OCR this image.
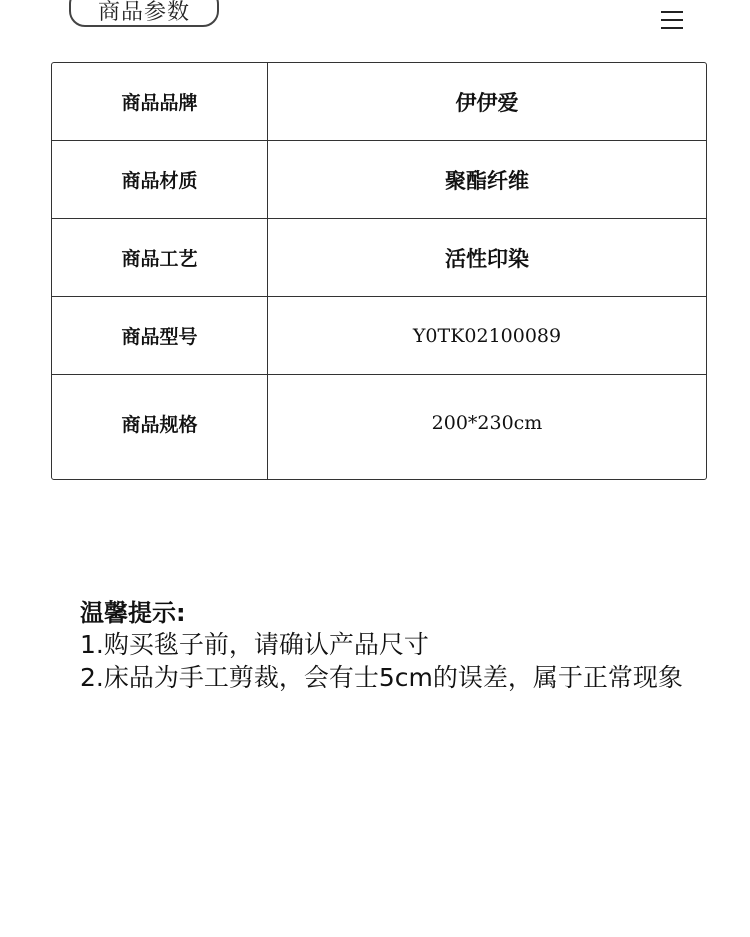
商品参数
商品品牌	伊伊爱
商品材质	聚酯纤维
商品工艺	活性印染
商品型号	Y0TK02100089
商品规格	200*230cm
温馨提示:
1.购买毯子前，请确认产品尺寸
2.床品为手工剪裁，会有士5cm的误差，属于正常现象
